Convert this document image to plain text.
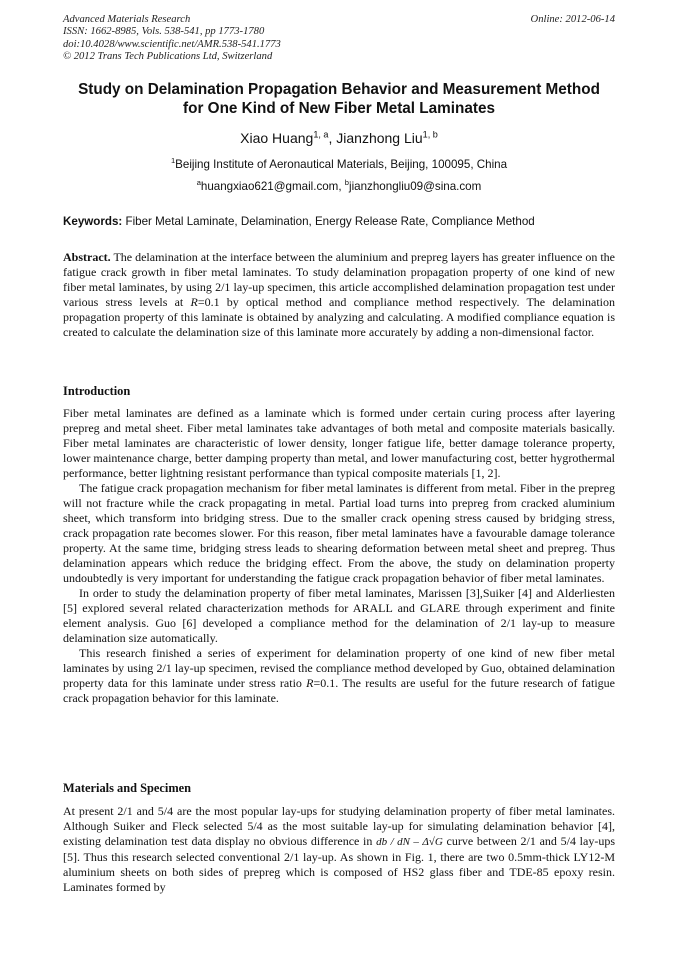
Advanced Materials Research
ISSN: 1662-8985, Vols. 538-541, pp 1773-1780
doi:10.4028/www.scientific.net/AMR.538-541.1773
© 2012 Trans Tech Publications Ltd, Switzerland
Online: 2012-06-14
Study on Delamination Propagation Behavior and Measurement Method
for One Kind of New Fiber Metal Laminates
Xiao Huang$^{1, a}$, Jianzhong Liu$^{1, b}$
$^1$Beijing Institute of Aeronautical Materials, Beijing, 100095, China
$^a$huangxiao621@gmail.com, $^b$jianzhongliu09@sina.com
Keywords: Fiber Metal Laminate, Delamination, Energy Release Rate, Compliance Method

Abstract. The delamination at the interface between the aluminium and prepreg layers has greater influence on the fatigue crack growth in fiber metal laminates. To study delamination propagation property of one kind of new fiber metal laminates, by using 2/1 lay-up specimen, this article accomplished delamination propagation test under various stress levels at R=0.1 by optical method and compliance method respectively. The delamination propagation property of this laminate is obtained by analyzing and calculating. A modified compliance equation is created to calculate the delamination size of this laminate more accurately by adding a non-dimensional factor.

Introduction

Fiber metal laminates are defined as a laminate which is formed under certain curing process after layering prepreg and metal sheet. Fiber metal laminates take advantages of both metal and composite materials basically. Fiber metal laminates are characteristic of lower density, longer fatigue life, better damage tolerance property, lower maintenance charge, better damping property than metal, and lower manufacturing cost, better hygrothermal performance, better lightning resistant performance than typical composite materials [1, 2].

The fatigue crack propagation mechanism for fiber metal laminates is different from metal. Fiber in the prepreg will not fracture while the crack propagating in metal. Partial load turns into prepreg from cracked aluminium sheet, which transform into bridging stress. Due to the smaller crack opening stress caused by bridging stress, crack propagation rate becomes slower. For this reason, fiber metal laminates have a favourable damage tolerance property. At the same time, bridging stress leads to shearing deformation between metal sheet and prepreg. Thus delamination appears which reduce the bridging effect. From the above, the study on delamination property undoubtedly is very important for understanding the fatigue crack propagation behavior of fiber metal laminates.

In order to study the delamination property of fiber metal laminates, Marissen [3],Suiker [4] and Alderliesten [5] explored several related characterization methods for ARALL and GLARE through experiment and finite element analysis. Guo [6] developed a compliance method for the delamination of 2/1 lay-up to measure delamination size automatically.

This research finished a series of experiment for delamination property of one kind of new fiber metal laminates by using 2/1 lay-up specimen, revised the compliance method developed by Guo, obtained delamination property data for this laminate under stress ratio R=0.1. The results are useful for the future research of fatigue crack propagation behavior for this laminate.

Materials and Specimen

At present 2/1 and 5/4 are the most popular lay-ups for studying delamination property of fiber metal laminates. Although Suiker and Fleck selected 5/4 as the most suitable lay-up for simulating delamination behavior [4], existing delamination test data display no obvious difference in db / dN – Δ√G curve between 2/1 and 5/4 lay-ups [5]. Thus this research selected conventional 2/1 lay-up. As shown in Fig. 1, there are two 0.5mm-thick LY12-M aluminium sheets on both sides of prepreg which is composed of HS2 glass fiber and TDE-85 epoxy resin. Laminates formed by
